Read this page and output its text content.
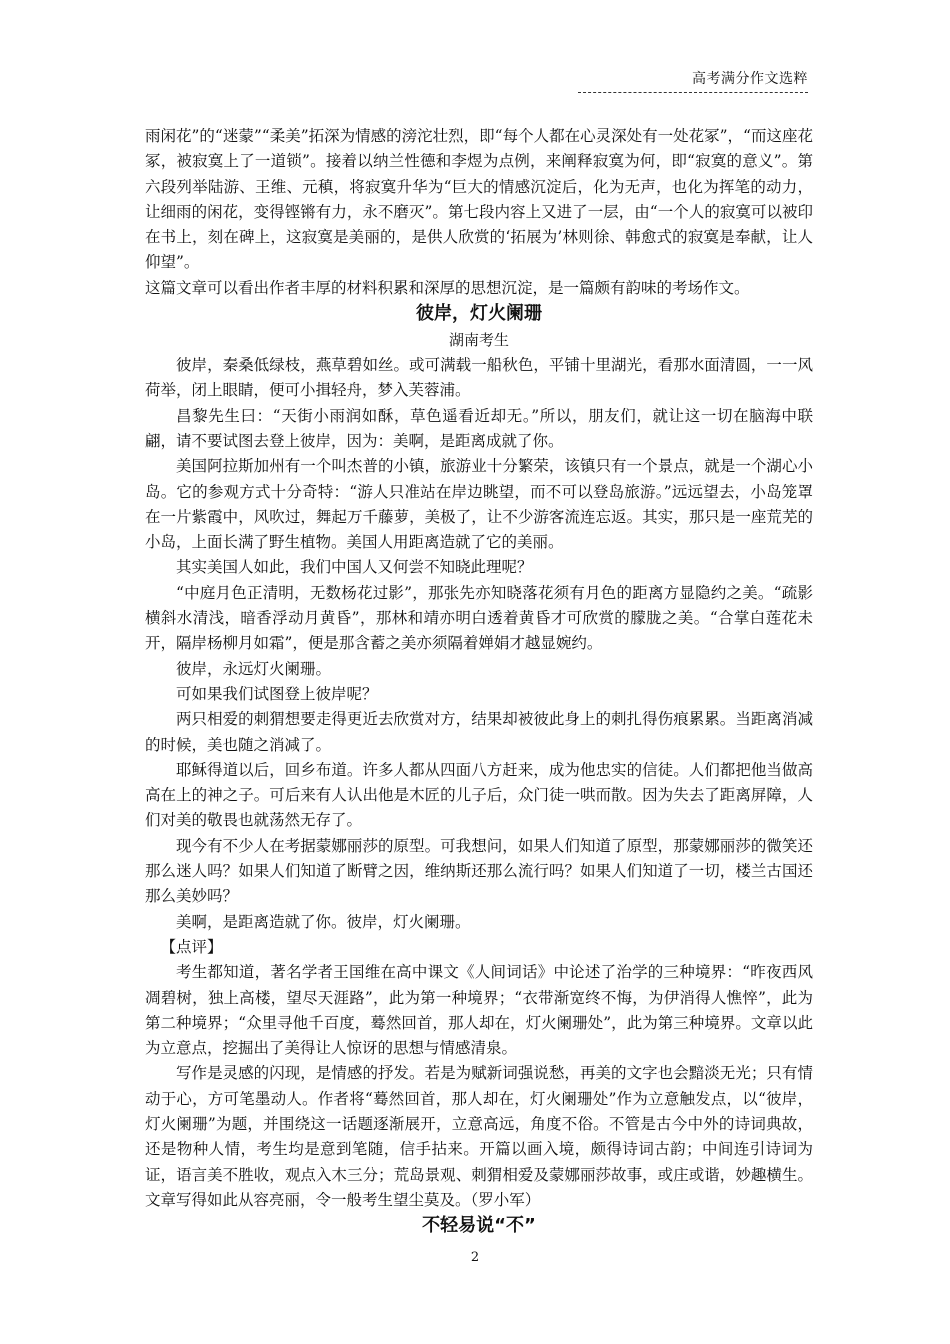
高考满分作文选粹

雨闲花”的“迷蒙”“柔美”拓深为情感的滂沱壮烈，即“每个人都在心灵深处有一处花冢”，“而这座花冢，被寂寞上了一道锁”。接着以纳兰性德和李煜为点例，来阐释寂寞为何，即“寂寞的意义”。第六段列举陆游、王维、元稹，将寂寞升华为“巨大的情感沉淀后，化为无声，也化为挥笔的动力，让细雨的闲花，变得铿锵有力，永不磨灭”。第七段内容上又进了一层，由“一个人的寂寞可以被印在书上，刻在碑上，这寂寞是美丽的，是供人欣赏的‘拓展为’林则徐、韩愈式的寂寞是奉献，让人仰望”。

这篇文章可以看出作者丰厚的材料积累和深厚的思想沉淀，是一篇颇有韵味的考场作文。

彼岸，灯火阑珊

湖南考生

彼岸，秦桑低绿枝，燕草碧如丝。或可满载一船秋色，平铺十里湖光，看那水面清圆，一一风荷举，闭上眼睛，便可小揖轻舟，梦入芙蓉浦。

昌黎先生曰：“天街小雨润如酥，草色遥看近却无。”所以，朋友们，就让这一切在脑海中联翩，请不要试图去登上彼岸，因为：美啊，是距离成就了你。

美国阿拉斯加州有一个叫杰普的小镇，旅游业十分繁荣，该镇只有一个景点，就是一个湖心小岛。它的参观方式十分奇特：“游人只准站在岸边眺望，而不可以登岛旅游。”远远望去，小岛笼罩在一片紫霞中，风吹过，舞起万千藤萝，美极了，让不少游客流连忘返。其实，那只是一座荒芜的小岛，上面长满了野生植物。美国人用距离造就了它的美丽。

其实美国人如此，我们中国人又何尝不知晓此理呢？

“中庭月色正清明，无数杨花过影”，那张先亦知晓落花须有月色的距离方显隐约之美。“疏影横斜水清浅，暗香浮动月黄昏”，那林和靖亦明白透着黄昏才可欣赏的朦胧之美。“合掌白莲花未开，隔岸杨柳月如霜”，便是那含蓄之美亦须隔着婵娟才越显婉约。

彼岸，永远灯火阑珊。

可如果我们试图登上彼岸呢？

两只相爱的刺猬想要走得更近去欣赏对方，结果却被彼此身上的刺扎得伤痕累累。当距离消减的时候，美也随之消减了。

耶稣得道以后，回乡布道。许多人都从四面八方赶来，成为他忠实的信徒。人们都把他当做高高在上的神之子。可后来有人认出他是木匠的儿子后，众门徒一哄而散。因为失去了距离屏障，人们对美的敬畏也就荡然无存了。

现今有不少人在考据蒙娜丽莎的原型。可我想问，如果人们知道了原型，那蒙娜丽莎的微笑还那么迷人吗？如果人们知道了断臂之因，维纳斯还那么流行吗？如果人们知道了一切，楼兰古国还那么美妙吗？

美啊，是距离造就了你。彼岸，灯火阑珊。

【点评】

考生都知道，著名学者王国维在高中课文《人间词话》中论述了治学的三种境界：“昨夜西风凋碧树，独上高楼，望尽天涯路”，此为第一种境界；“衣带渐宽终不悔，为伊消得人憔悴”，此为第二种境界；“众里寻他千百度，蓦然回首，那人却在，灯火阑珊处”，此为第三种境界。文章以此为立意点，挖掘出了美得让人惊讶的思想与情感清泉。

写作是灵感的闪现，是情感的抒发。若是为赋新词强说愁，再美的文字也会黯淡无光；只有情动于心，方可笔墨动人。作者将“蓦然回首，那人却在，灯火阑珊处”作为立意触发点，以“彼岸，灯火阑珊”为题，并围绕这一话题逐渐展开，立意高远，角度不俗。不管是古今中外的诗词典故，还是物种人情，考生均是意到笔随，信手拈来。开篇以画入境，颇得诗词古韵；中间连引诗词为证，语言美不胜收，观点入木三分；荒岛景观、刺猬相爱及蒙娜丽莎故事，或庄或谐，妙趣横生。文章写得如此从容亮丽，令一般考生望尘莫及。（罗小军）

不轻易说“不”

2
